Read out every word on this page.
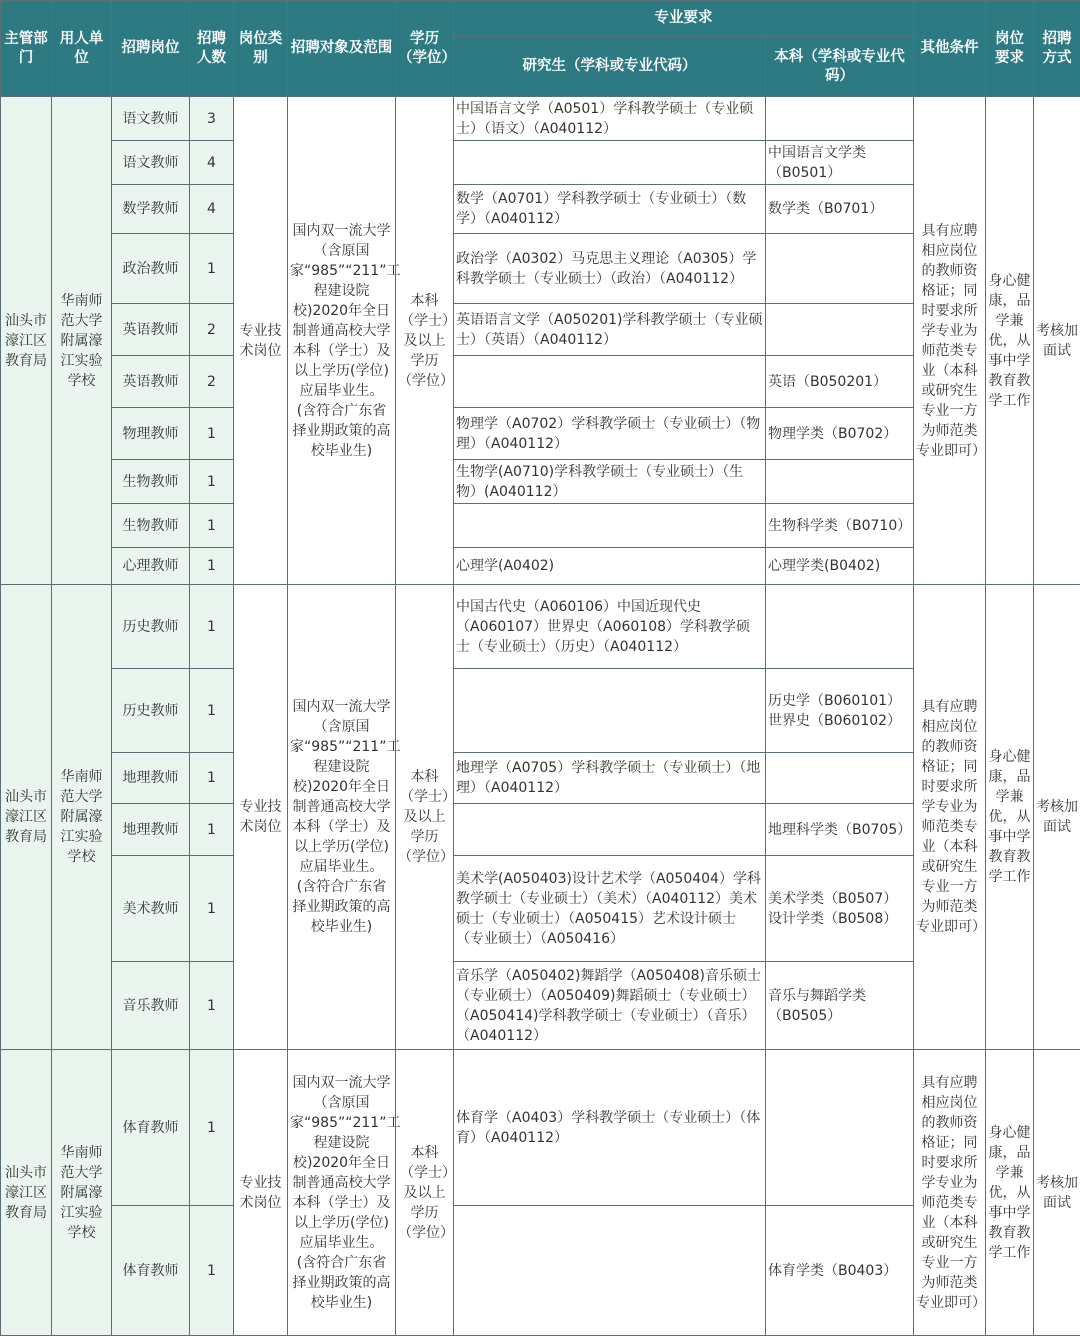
主管部门	用人单位	招聘岗位	招聘人数	岗位类别	招聘对象及范围	学历（学位）	专业要求		其他条件	岗位要求	招聘方式
							研究生（学科或专业代码）	本科（学科或专业代码）			
汕头市濠江区教育局	华南师范大学附属濠江实验学校	语文教师	3	专业技术岗位	国内双一流大学（含原国家“985”“211”工程建设院校)2020年全日制普通高校大学本科（学士）及以上学历(学位)应届毕业生。(含符合广东省择业期政策的高校毕业生)	本科（学士）及以上学历（学位）	中国语言文学（A0501）学科教学硕士（专业硕士）（语文）（A040112）		具有应聘相应岗位的教师资格证；同时要求所学专业为师范类专业（本科或研究生专业一方为师范类专业即可）	身心健康，品学兼优，从事中学教育教学工作	考核加面试
		语文教师	4					中国语言文学类（B0501）			
		数学教师	4				数学（A0701）学科教学硕士（专业硕士）（数学）（A040112）	数学类（B0701）			
		政治教师	1				政治学（A0302）马克思主义理论（A0305）学科教学硕士（专业硕士）（政治）（A040112）				
		英语教师	2				英语语言文学（A050201)学科教学硕士（专业硕士）（英语）（A040112）				
		英语教师	2					英语（B050201）			
		物理教师	1				物理学（A0702）学科教学硕士（专业硕士）（物理）（A040112）	物理学类（B0702）			
		生物教师	1				生物学(A0710)学科教学硕士（专业硕士）（生物）(A040112）				
		生物教师	1					生物科学类（B0710）			
		心理教师	1				心理学(A0402)	心理学类(B0402)			
汕头市濠江区教育局	华南师范大学附属濠江实验学校	历史教师	1	专业技术岗位	国内双一流大学（含原国家“985”“211”工程建设院校)2020年全日制普通高校大学本科（学士）及以上学历(学位)应届毕业生。(含符合广东省择业期政策的高校毕业生)	本科（学士）及以上学历（学位）	中国古代史（A060106）中国近现代史（A060107）世界史（A060108）学科教学硕士（专业硕士）（历史）（A040112）		具有应聘相应岗位的教师资格证；同时要求所学专业为师范类专业（本科或研究生专业一方为师范类专业即可）	身心健康，品学兼优，从事中学教育教学工作	考核加面试
		历史教师	1					历史学（B060101）世界史（B060102）			
		地理教师	1				地理学（A0705）学科教学硕士（专业硕士）（地理）（A040112）				
		地理教师	1					地理科学类（B0705）			
		美术教师	1				美术学(A050403)设计艺术学（A050404）学科教学硕士（专业硕士）（美术）（A040112）美术硕士（专业硕士）（A050415）艺术设计硕士（专业硕士）（A050416）	美术学类（B0507）设计学类（B0508）			
		音乐教师	1				音乐学（A050402)舞蹈学（A050408)音乐硕士（专业硕士）（A050409)舞蹈硕士（专业硕士）（A050414)学科教学硕士（专业硕士）（音乐）（A040112）	音乐与舞蹈学类（B0505）			
汕头市濠江区教育局	华南师范大学附属濠江实验学校	体育教师	1	专业技术岗位	国内双一流大学（含原国家“985”“211”工程建设院校)2020年全日制普通高校大学本科（学士）及以上学历(学位)应届毕业生。(含符合广东省择业期政策的高校毕业生)	本科（学士）及以上学历（学位）	体育学（A0403）学科教学硕士（专业硕士）（体育）（A040112）		具有应聘相应岗位的教师资格证；同时要求所学专业为师范类专业（本科或研究生专业一方为师范类专业即可）	身心健康，品学兼优，从事中学教育教学工作	考核加面试
		体育教师	1					体育学类（B0403）			
